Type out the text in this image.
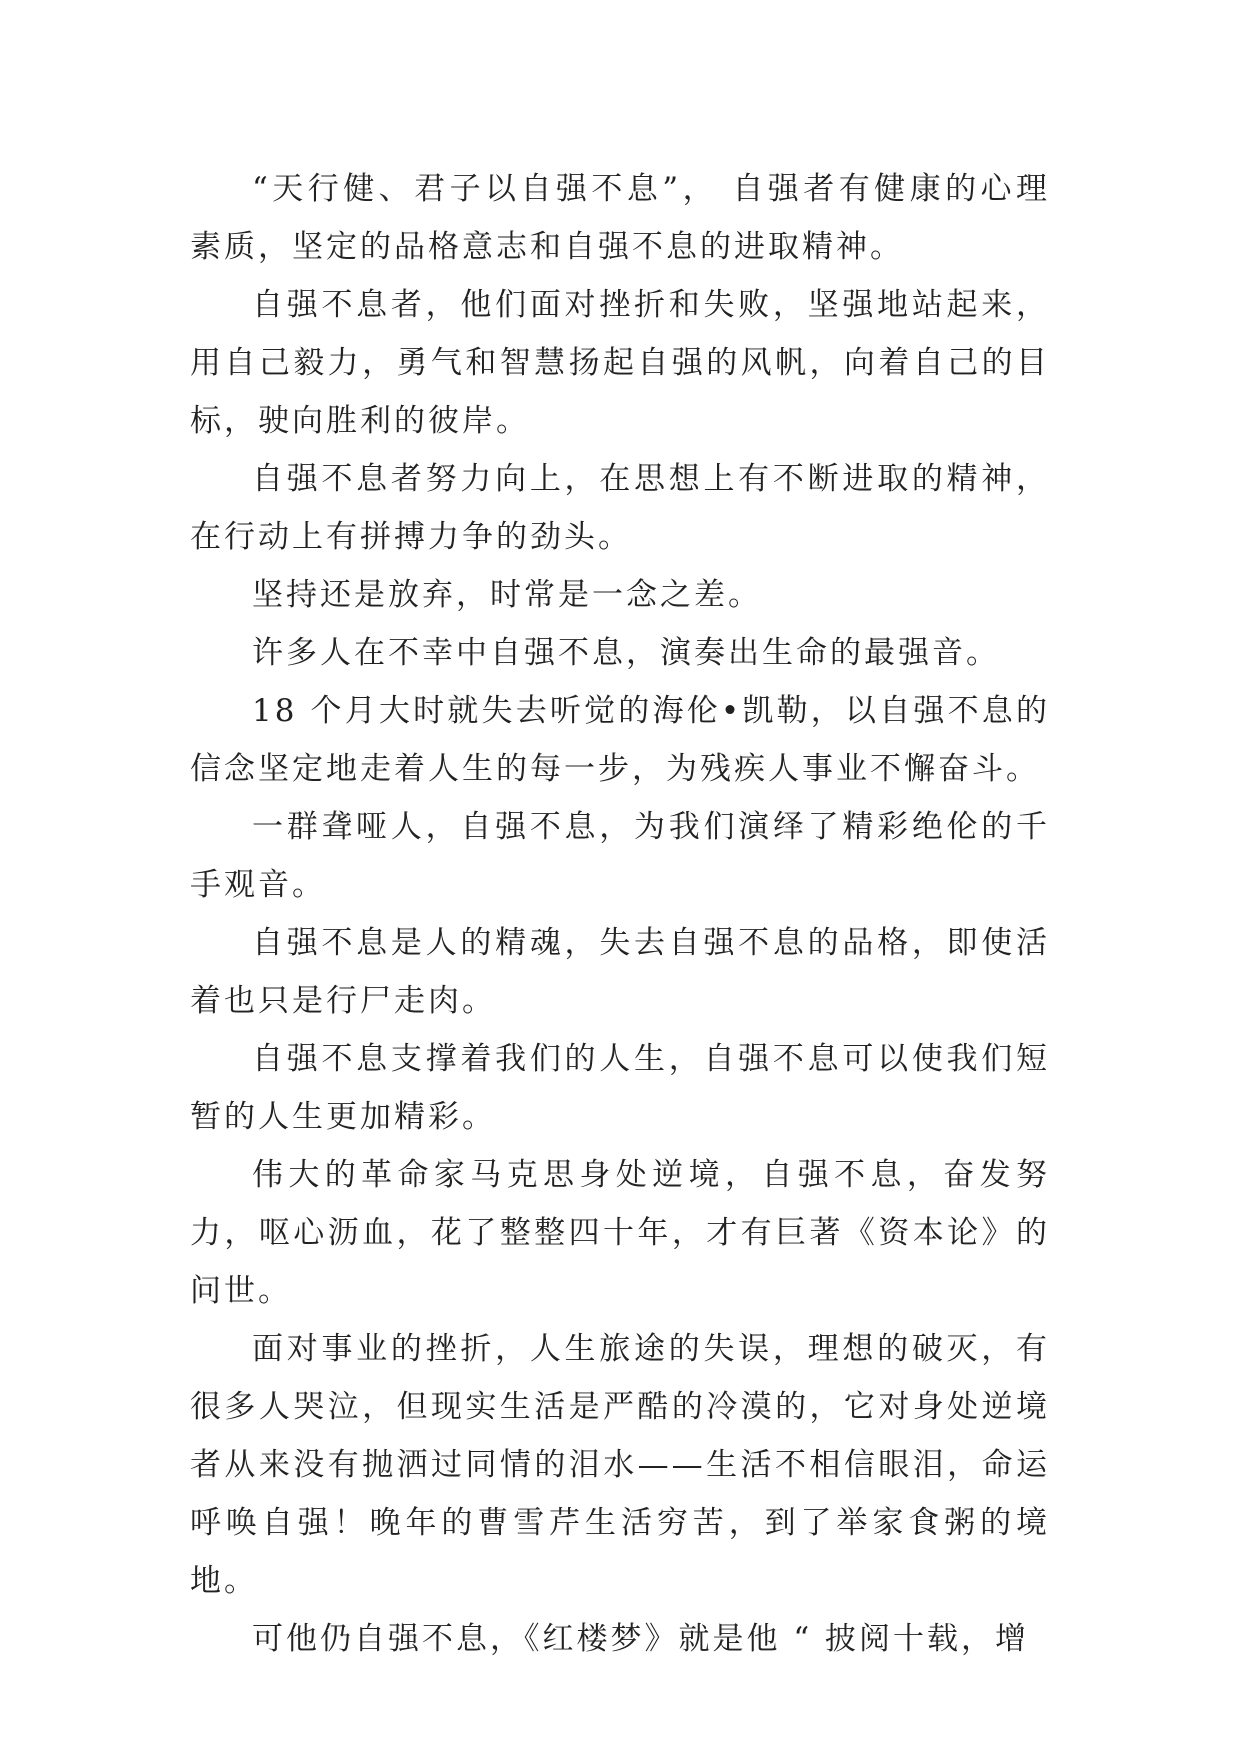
“天行健、君子以自强不息”， 自强者有健康的心理素质，坚定的品格意志和自强不息的进取精神。

自强不息者，他们面对挫折和失败，坚强地站起来，用自己毅力，勇气和智慧扬起自强的风帆，向着自己的目标，驶向胜利的彼岸。

自强不息者努力向上，在思想上有不断进取的精神，在行动上有拼搏力争的劲头。

坚持还是放弃，时常是一念之差。

许多人在不幸中自强不息，演奏出生命的最强音。

18 个月大时就失去听觉的海伦•凯勒，以自强不息的信念坚定地走着人生的每一步，为残疾人事业不懈奋斗。

一群聋哑人，自强不息，为我们演绎了精彩绝伦的千手观音。

自强不息是人的精魂，失去自强不息的品格，即使活着也只是行尸走肉。

自强不息支撑着我们的人生，自强不息可以使我们短暂的人生更加精彩。

伟大的革命家马克思身处逆境，自强不息，奋发努力，呕心沥血，花了整整四十年，才有巨著《资本论》的问世。

面对事业的挫折，人生旅途的失误，理想的破灭，有很多人哭泣，但现实生活是严酷的冷漠的，它对身处逆境者从来没有抛洒过同情的泪水——生活不相信眼泪，命运呼唤自强！晚年的曹雪芹生活穷苦，到了举家食粥的境地。

可他仍自强不息，《红楼梦》就是他 “ 披阅十载，增
